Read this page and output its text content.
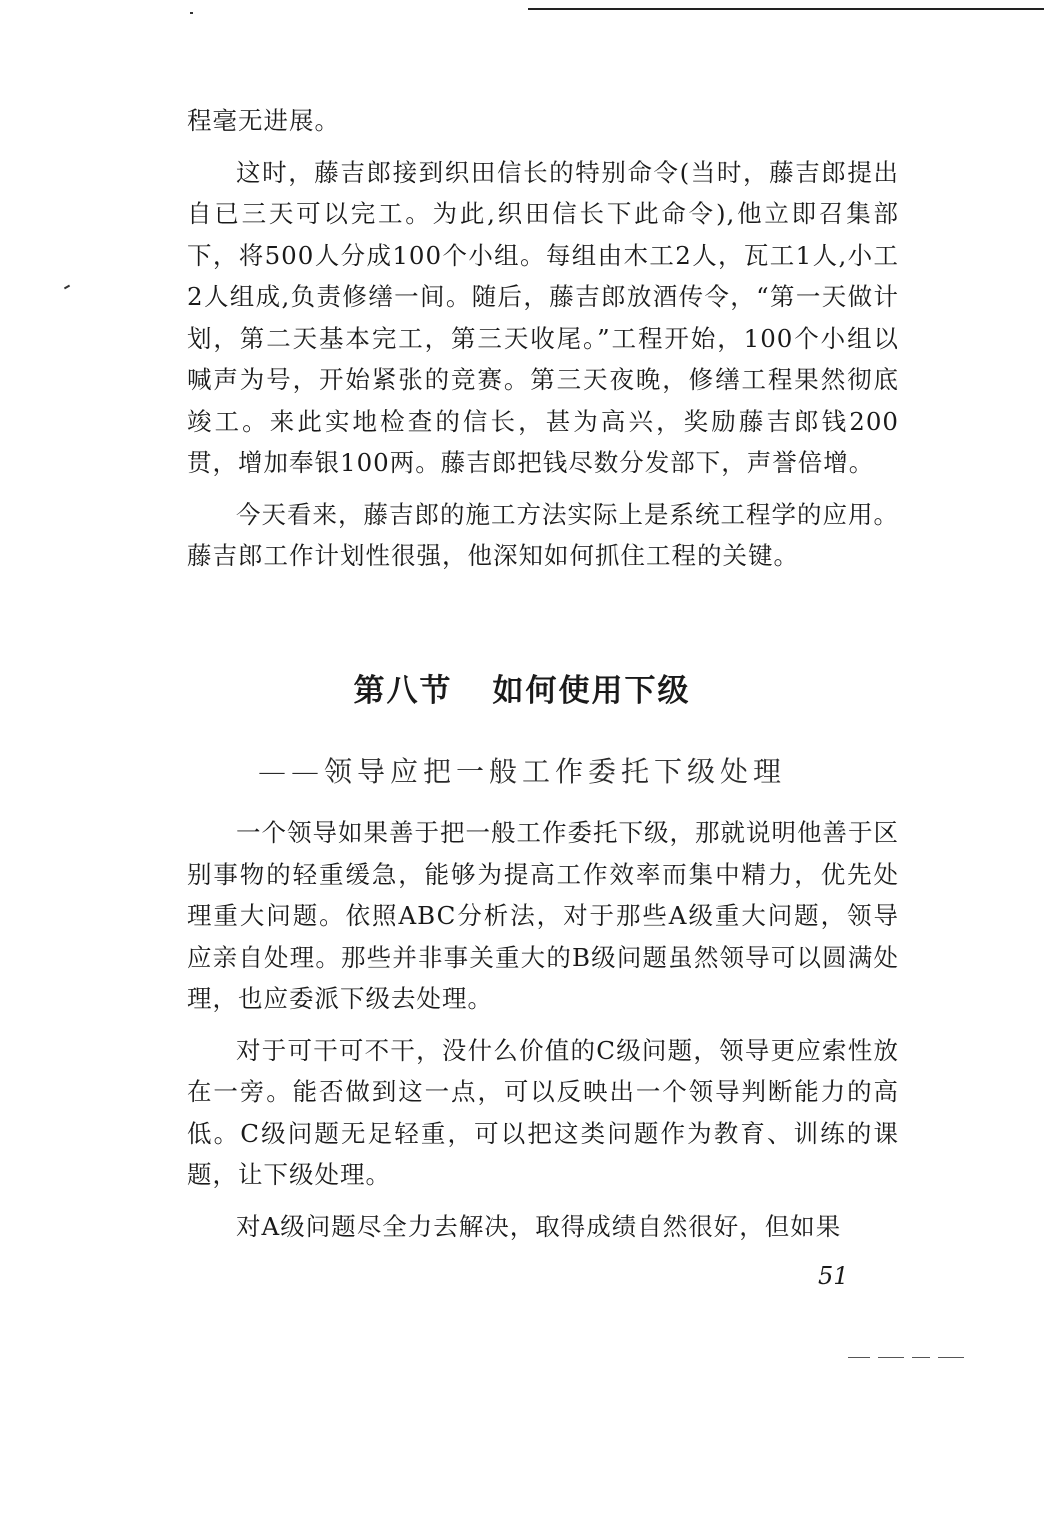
程毫无进展。

这时，藤吉郎接到织田信长的特别命令(当时，藤吉郎提出自已三天可以完工。为此,织田信长下此命令),他立即召集部下，将500人分成100个小组。每组由木工2人，瓦工1人,小工2人组成,负责修缮一间。随后，藤吉郎放酒传令，“第一天做计划，第二天基本完工，第三天收尾。”工程开始，100个小组以喊声为号，开始紧张的竞赛。第三天夜晚，修缮工程果然彻底竣工。来此实地检查的信长，甚为高兴，奖励藤吉郎钱200贯，增加奉银100两。藤吉郎把钱尽数分发部下，声誉倍增。

今天看来，藤吉郎的施工方法实际上是系统工程学的应用。藤吉郎工作计划性很强，他深知如何抓住工程的关键。

第八节 如何使用下级
——领导应把一般工作委托下级处理

一个领导如果善于把一般工作委托下级，那就说明他善于区别事物的轻重缓急，能够为提高工作效率而集中精力，优先处理重大问题。依照ABC分析法，对于那些A级重大问题，领导应亲自处理。那些并非事关重大的B级问题虽然领导可以圆满处理，也应委派下级去处理。

对于可干可不干，没什么价值的C级问题，领导更应索性放在一旁。能否做到这一点，可以反映出一个领导判断能力的高低。C级问题无足轻重，可以把这类问题作为教育、训练的课题，让下级处理。

对A级问题尽全力去解决，取得成绩自然很好，但如果

51
